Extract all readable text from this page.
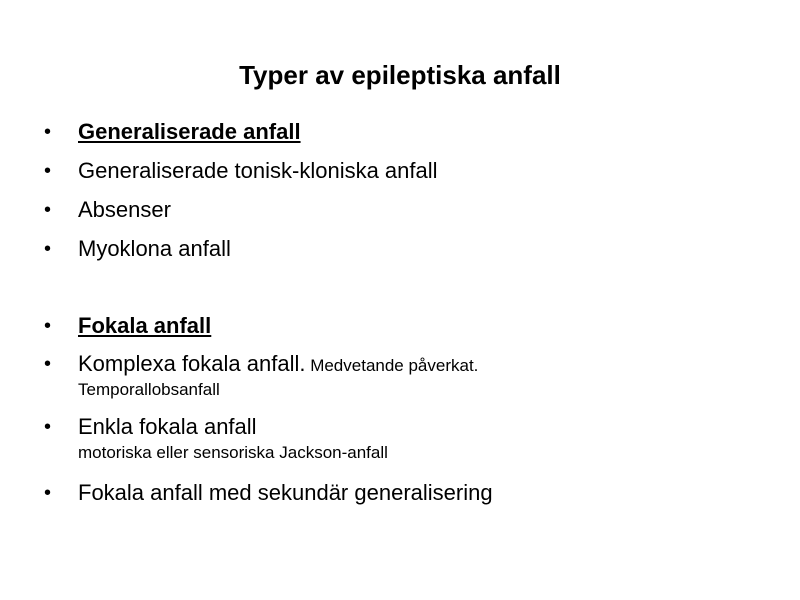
Typer av epileptiska anfall
•	Generaliserade anfall
•	Generaliserade tonisk-kloniska anfall
•	Absenser
•	Myoklona anfall
•	Fokala anfall
•	Komplexa fokala anfall. Medvetande påverkat.
Temporallobsanfall
•	Enkla fokala anfall
motoriska eller sensoriska Jackson-anfall
•	Fokala anfall med sekundär generalisering
